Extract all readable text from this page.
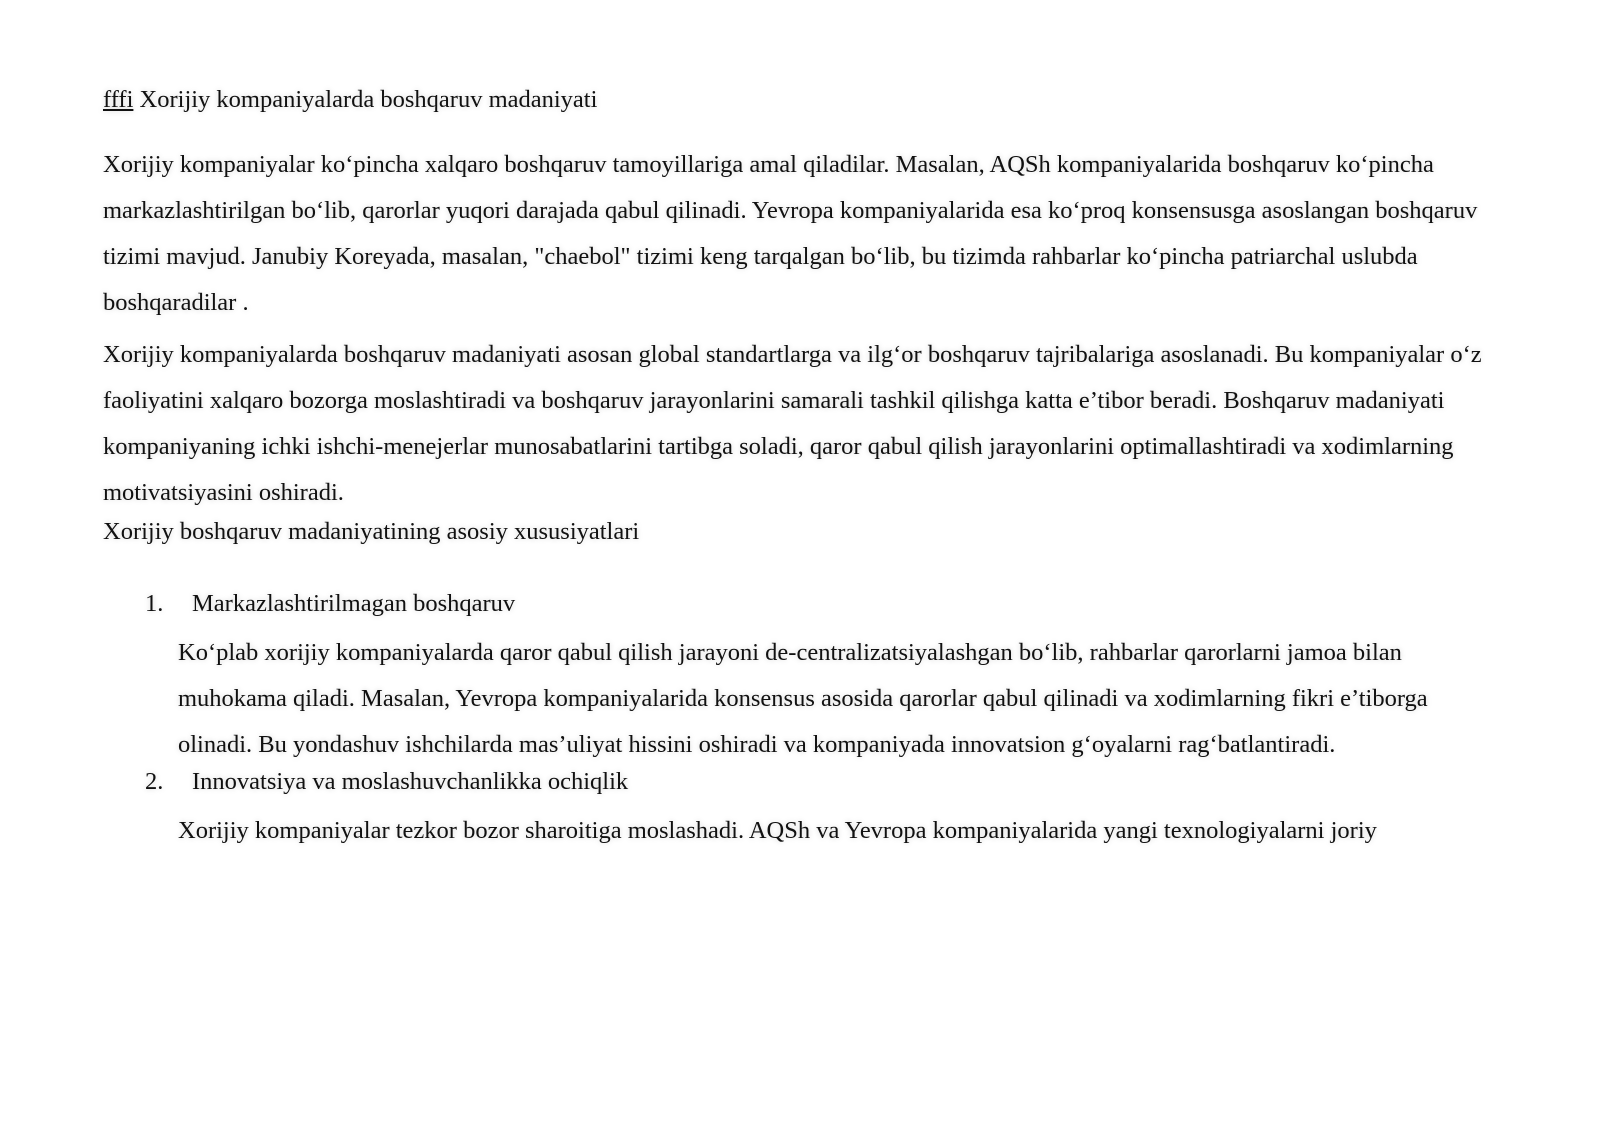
fffi Xorijiy kompaniyalarda boshqaruv madaniyati

Xorijiy kompaniyalar ko‘pincha xalqaro boshqaruv tamoyillariga amal qiladilar. Masalan, AQSh kompaniyalarida boshqaruv ko‘pincha markazlashtirilgan bo‘lib, qarorlar yuqori darajada qabul qilinadi. Yevropa kompaniyalarida esa ko‘proq konsensusga asoslangan boshqaruv tizimi mavjud. Janubiy Koreyada, masalan, "chaebol" tizimi keng tarqalgan bo‘lib, bu tizimda rahbarlar ko‘pincha patriarchal uslubda boshqaradilar .

Xorijiy kompaniyalarda boshqaruv madaniyati asosan global standartlarga va ilg‘or boshqaruv tajribalariga asoslanadi. Bu kompaniyalar o‘z faoliyatini xalqaro bozorga moslashtiradi va boshqaruv jarayonlarini samarali tashkil qilishga katta e’tibor beradi. Boshqaruv madaniyati kompaniyaning ichki ishchi-menejerlar munosabatlarini tartibga soladi, qaror qabul qilish jarayonlarini optimallashtiradi va xodimlarning motivatsiyasini oshiradi.

Xorijiy boshqaruv madaniyatining asosiy xususiyatlari

1. Markazlashtirilmagan boshqaruv
Ko‘plab xorijiy kompaniyalarda qaror qabul qilish jarayoni de-centralizatsiyalashgan bo‘lib, rahbarlar qarorlarni jamoa bilan muhokama qiladi. Masalan, Yevropa kompaniyalarida konsensus asosida qarorlar qabul qilinadi va xodimlarning fikri e’tiborga olinadi. Bu yondashuv ishchilarda mas’uliyat hissini oshiradi va kompaniyada innovatsion g‘oyalarni rag‘batlantiradi.
2. Innovatsiya va moslashuvchanlikka ochiqlik
Xorijiy kompaniyalar tezkor bozor sharoitiga moslashadi. AQSh va Yevropa kompaniyalarida yangi texnologiyalarni joriy
